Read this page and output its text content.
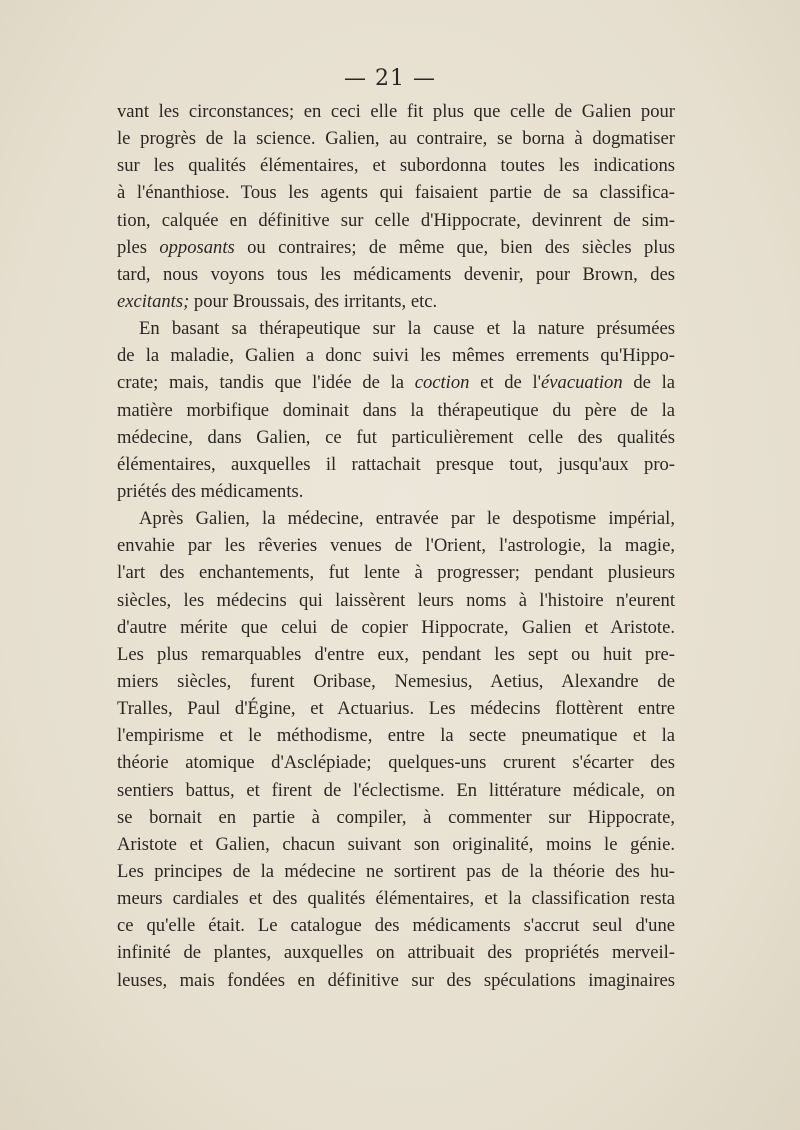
— 21 —
vant les circonstances; en ceci elle fit plus que celle de Galien pour
le progrès de la science. Galien, au contraire, se borna à dogmatiser
sur les qualités élémentaires, et subordonna toutes les indications
à l'énanthiose. Tous les agents qui faisaient partie de sa classifica-
tion, calquée en définitive sur celle d'Hippocrate, devinrent de sim-
ples opposants ou contraires; de même que, bien des siècles plus
tard, nous voyons tous les médicaments devenir, pour Brown, des
excitants; pour Broussais, des irritants, etc.
En basant sa thérapeutique sur la cause et la nature présumées
de la maladie, Galien a donc suivi les mêmes errements qu'Hippo-
crate; mais, tandis que l'idée de la coction et de l'évacuation de la
matière morbifique dominait dans la thérapeutique du père de la
médecine, dans Galien, ce fut particulièrement celle des qualités
élémentaires, auxquelles il rattachait presque tout, jusqu'aux pro-
priétés des médicaments.
Après Galien, la médecine, entravée par le despotisme impérial,
envahie par les rêveries venues de l'Orient, l'astrologie, la magie,
l'art des enchantements, fut lente à progresser; pendant plusieurs
siècles, les médecins qui laissèrent leurs noms à l'histoire n'eurent
d'autre mérite que celui de copier Hippocrate, Galien et Aristote.
Les plus remarquables d'entre eux, pendant les sept ou huit pre-
miers siècles, furent Oribase, Nemesius, Aetius, Alexandre de
Tralles, Paul d'Égine, et Actuarius. Les médecins flottèrent entre
l'empirisme et le méthodisme, entre la secte pneumatique et la
théorie atomique d'Asclépiade; quelques-uns crurent s'écarter des
sentiers battus, et firent de l'éclectisme. En littérature médicale, on
se bornait en partie à compiler, à commenter sur Hippocrate,
Aristote et Galien, chacun suivant son originalité, moins le génie.
Les principes de la médecine ne sortirent pas de la théorie des hu-
meurs cardiales et des qualités élémentaires, et la classification resta
ce qu'elle était. Le catalogue des médicaments s'accrut seul d'une
infinité de plantes, auxquelles on attribuait des propriétés merveil-
leuses, mais fondées en définitive sur des spéculations imaginaires
